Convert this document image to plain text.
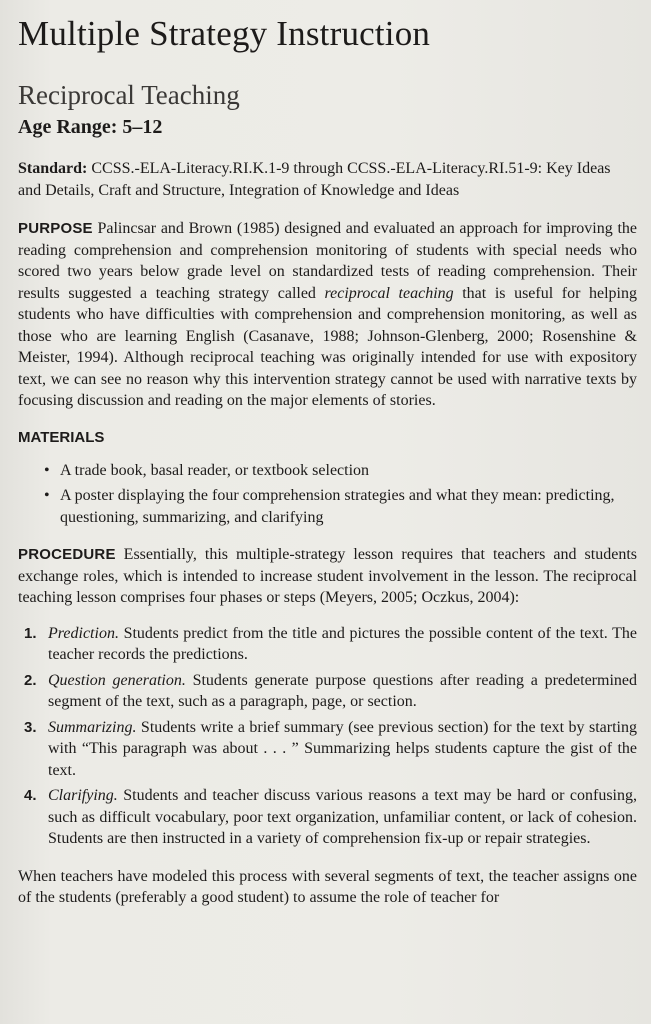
Multiple Strategy Instruction
Reciprocal Teaching
Age Range: 5–12

Standard: CCSS.-ELA-Literacy.RI.K.1-9 through CCSS.-ELA-Literacy.RI.51-9: Key Ideas and Details, Craft and Structure, Integration of Knowledge and Ideas

PURPOSE Palincsar and Brown (1985) designed and evaluated an approach for improving the reading comprehension and comprehension monitoring of students with special needs who scored two years below grade level on standardized tests of reading comprehension. Their results suggested a teaching strategy called reciprocal teaching that is useful for helping students who have difficulties with comprehension and comprehension monitoring, as well as those who are learning English (Casanave, 1988; Johnson-Glenberg, 2000; Rosenshine & Meister, 1994). Although reciprocal teaching was originally intended for use with expository text, we can see no reason why this intervention strategy cannot be used with narrative texts by focusing discussion and reading on the major elements of stories.

MATERIALS
• A trade book, basal reader, or textbook selection
• A poster displaying the four comprehension strategies and what they mean: predicting, questioning, summarizing, and clarifying

PROCEDURE Essentially, this multiple-strategy lesson requires that teachers and students exchange roles, which is intended to increase student involvement in the lesson. The reciprocal teaching lesson comprises four phases or steps (Meyers, 2005; Oczkus, 2004):

1. Prediction. Students predict from the title and pictures the possible content of the text. The teacher records the predictions.
2. Question generation. Students generate purpose questions after reading a predetermined segment of the text, such as a paragraph, page, or section.
3. Summarizing. Students write a brief summary (see previous section) for the text by starting with “This paragraph was about . . . ” Summarizing helps students capture the gist of the text.
4. Clarifying. Students and teacher discuss various reasons a text may be hard or confusing, such as difficult vocabulary, poor text organization, unfamiliar content, or lack of cohesion. Students are then instructed in a variety of comprehension fix-up or repair strategies.

When teachers have modeled this process with several segments of text, the teacher assigns one of the students (preferably a good student) to assume the role of teacher for
